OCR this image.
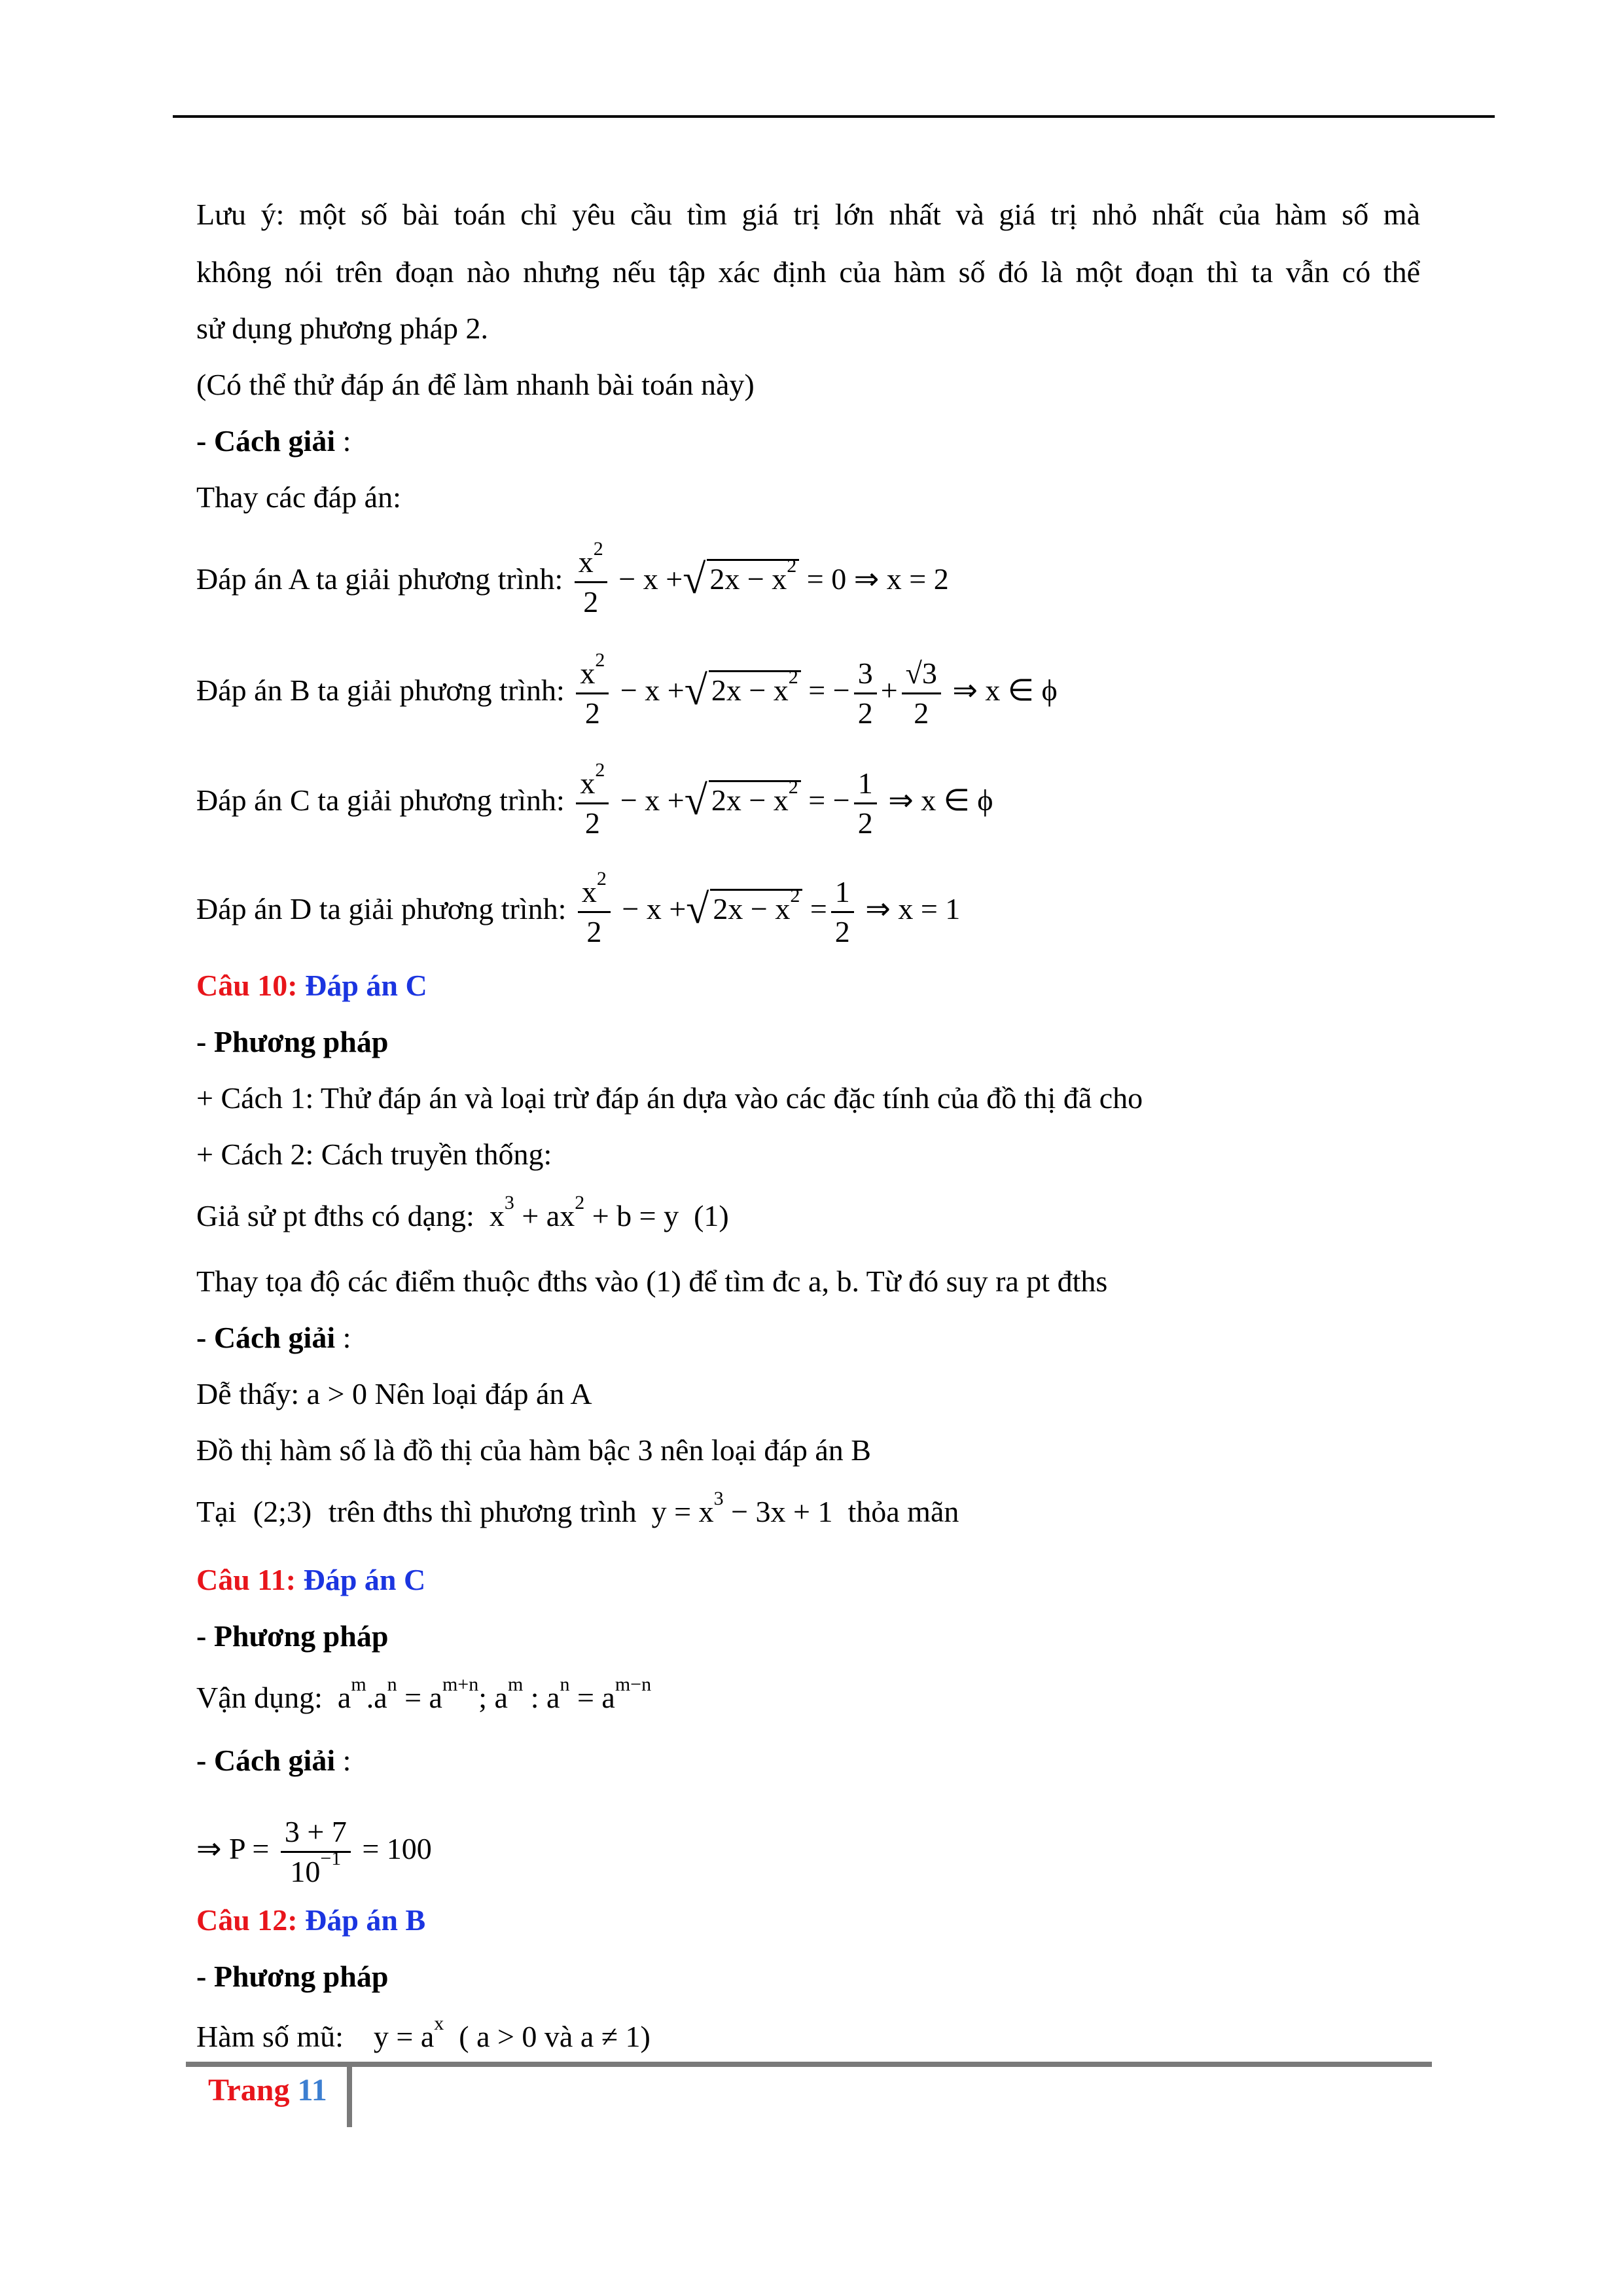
Lưu ý: một số bài toán chỉ yêu cầu tìm giá trị lớn nhất và giá trị nhỏ nhất của hàm số mà
không nói trên đoạn nào nhưng nếu tập xác định của hàm số đó là một đoạn thì ta vẫn có thể
sử dụng phương pháp 2.
(Có thể thử đáp án để làm nhanh bài toán này)
- Cách giải :
Thay các đáp án:
Đáp án A ta giải phương trình: $\frac{x^2}{2} - x$ +√ $2x - x^2 = 0$ ⇒ x = 2
Đáp án B ta giải phương trình: $\frac{x^2}{2} - x$ +√ $2x - x^2$ = − $\frac{3}{2} + \frac{√3}{2}$ ⇒ x ∈ ϕ
Đáp án C ta giải phương trình: $\frac{x^2}{2} - x$ +√ $2x - x^2$ = − $\frac{1}{2}$ ⇒ x ∈ ϕ
Đáp án D ta giải phương trình: $\frac{x^2}{2} - x$ +√ $2x - x^2 = \frac{1}{2}$ ⇒ x = 1
Câu 10: Đáp án C
- Phương pháp
+ Cách 1: Thử đáp án và loại trừ đáp án dựa vào các đặc tính của đồ thị đã cho
+ Cách 2: Cách truyền thống:
Giả sử pt đths có dạng:  $x^3 + ax^2 + b = y$  (1)
Thay tọa độ các điểm thuộc đths vào (1) để tìm đc a, b. Từ đó suy ra pt đths
- Cách giải :
Dễ thấy: a > 0 Nên loại đáp án A
Đồ thị hàm số là đồ thị của hàm bậc 3 nên loại đáp án B
Tại (2;3) trên đths thì phương trình  $y = x^3 - 3x + 1$  thỏa mãn
Câu 11: Đáp án C
- Phương pháp
Vận dụng:  $a^m.a^n = a^{m+n}$; $a^m$ : $a^n = a^{m-n}$
- Cách giải :
⇒ $P = \frac{3 + 7}{10^{-1}} = 100$
Câu 12: Đáp án B
- Phương pháp
Hàm số mũ:    $y = a^x$ ( a > 0 và a ≠ 1)
Trang 11
